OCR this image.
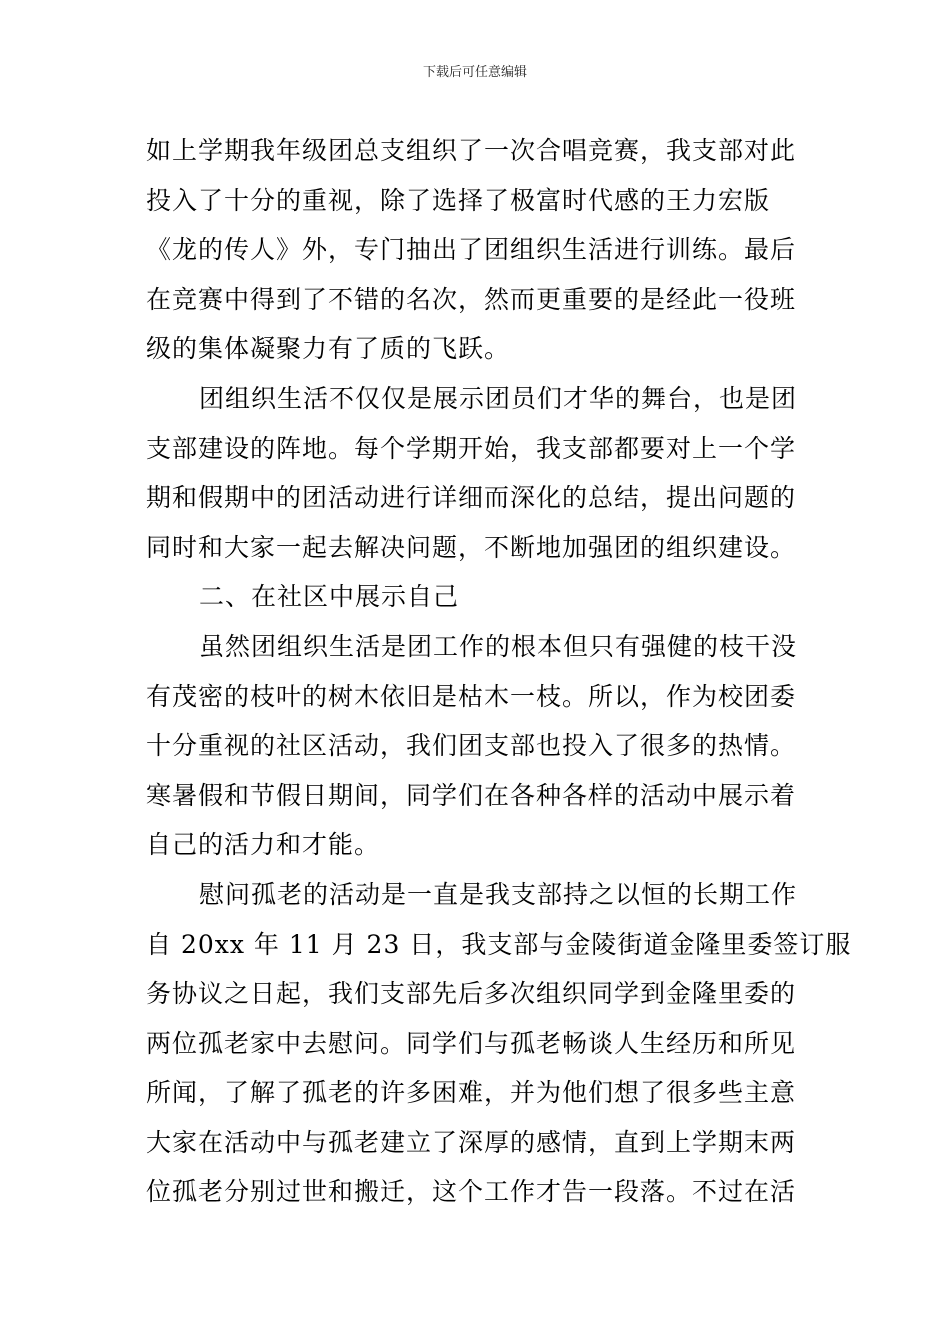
下载后可任意编辑
如上学期我年级团总支组织了一次合唱竞赛，我支部对此
投入了十分的重视，除了选择了极富时代感的王力宏版
《龙的传人》外，专门抽出了团组织生活进行训练。最后
在竞赛中得到了不错的名次，然而更重要的是经此一役班
级的集体凝聚力有了质的飞跃。
团组织生活不仅仅是展示团员们才华的舞台，也是团
支部建设的阵地。每个学期开始，我支部都要对上一个学
期和假期中的团活动进行详细而深化的总结，提出问题的
同时和大家一起去解决问题，不断地加强团的组织建设。
二、在社区中展示自己
虽然团组织生活是团工作的根本但只有强健的枝干没
有茂密的枝叶的树木依旧是枯木一枝。所以，作为校团委
十分重视的社区活动，我们团支部也投入了很多的热情。
寒暑假和节假日期间，同学们在各种各样的活动中展示着
自己的活力和才能。
慰问孤老的活动是一直是我支部持之以恒的长期工作
自 20xx 年 11 月 23 日，我支部与金陵街道金隆里委签订服
务协议之日起，我们支部先后多次组织同学到金隆里委的
两位孤老家中去慰问。同学们与孤老畅谈人生经历和所见
所闻，了解了孤老的许多困难，并为他们想了很多些主意
大家在活动中与孤老建立了深厚的感情，直到上学期末两
位孤老分别过世和搬迁，这个工作才告一段落。不过在活
